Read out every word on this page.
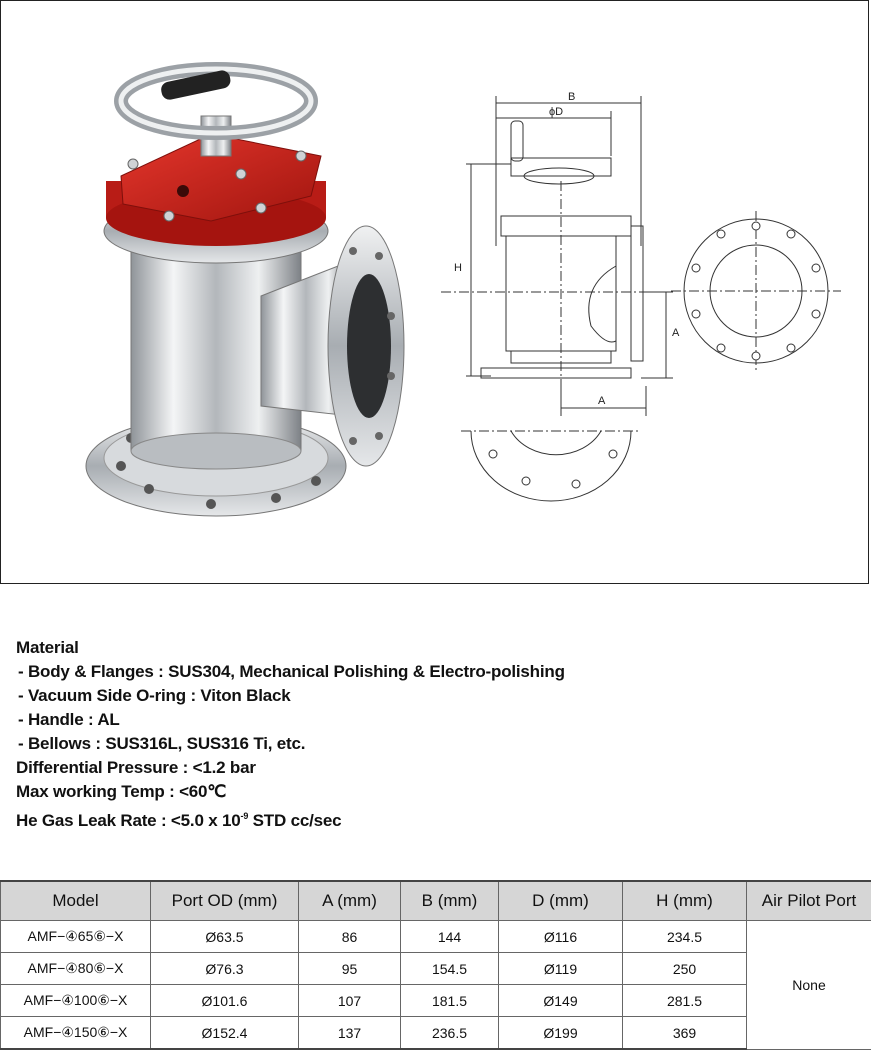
B
ϕD
H
A
A
Material
- Body & Flanges : SUS304, Mechanical Polishing & Electro-polishing
- Vacuum Side O-ring : Viton Black
- Handle : AL
- Bellows : SUS316L, SUS316 Ti, etc.
Differential Pressure : <1.2 bar
Max working Temp : <60℃
He Gas Leak Rate : <5.0 x $10^{-9}$ STD cc/sec
Model	Port OD (mm)	A (mm)	B (mm)	D (mm)	H (mm)	Air Pilot Port
AMF−④65⑥−X	Ø63.5	86	144	Ø116	234.5	None
AMF−④80⑥−X	Ø76.3	95	154.5	Ø119	250	
AMF−④100⑥−X	Ø101.6	107	181.5	Ø149	281.5	
AMF−④150⑥−X	Ø152.4	137	236.5	Ø199	369	
